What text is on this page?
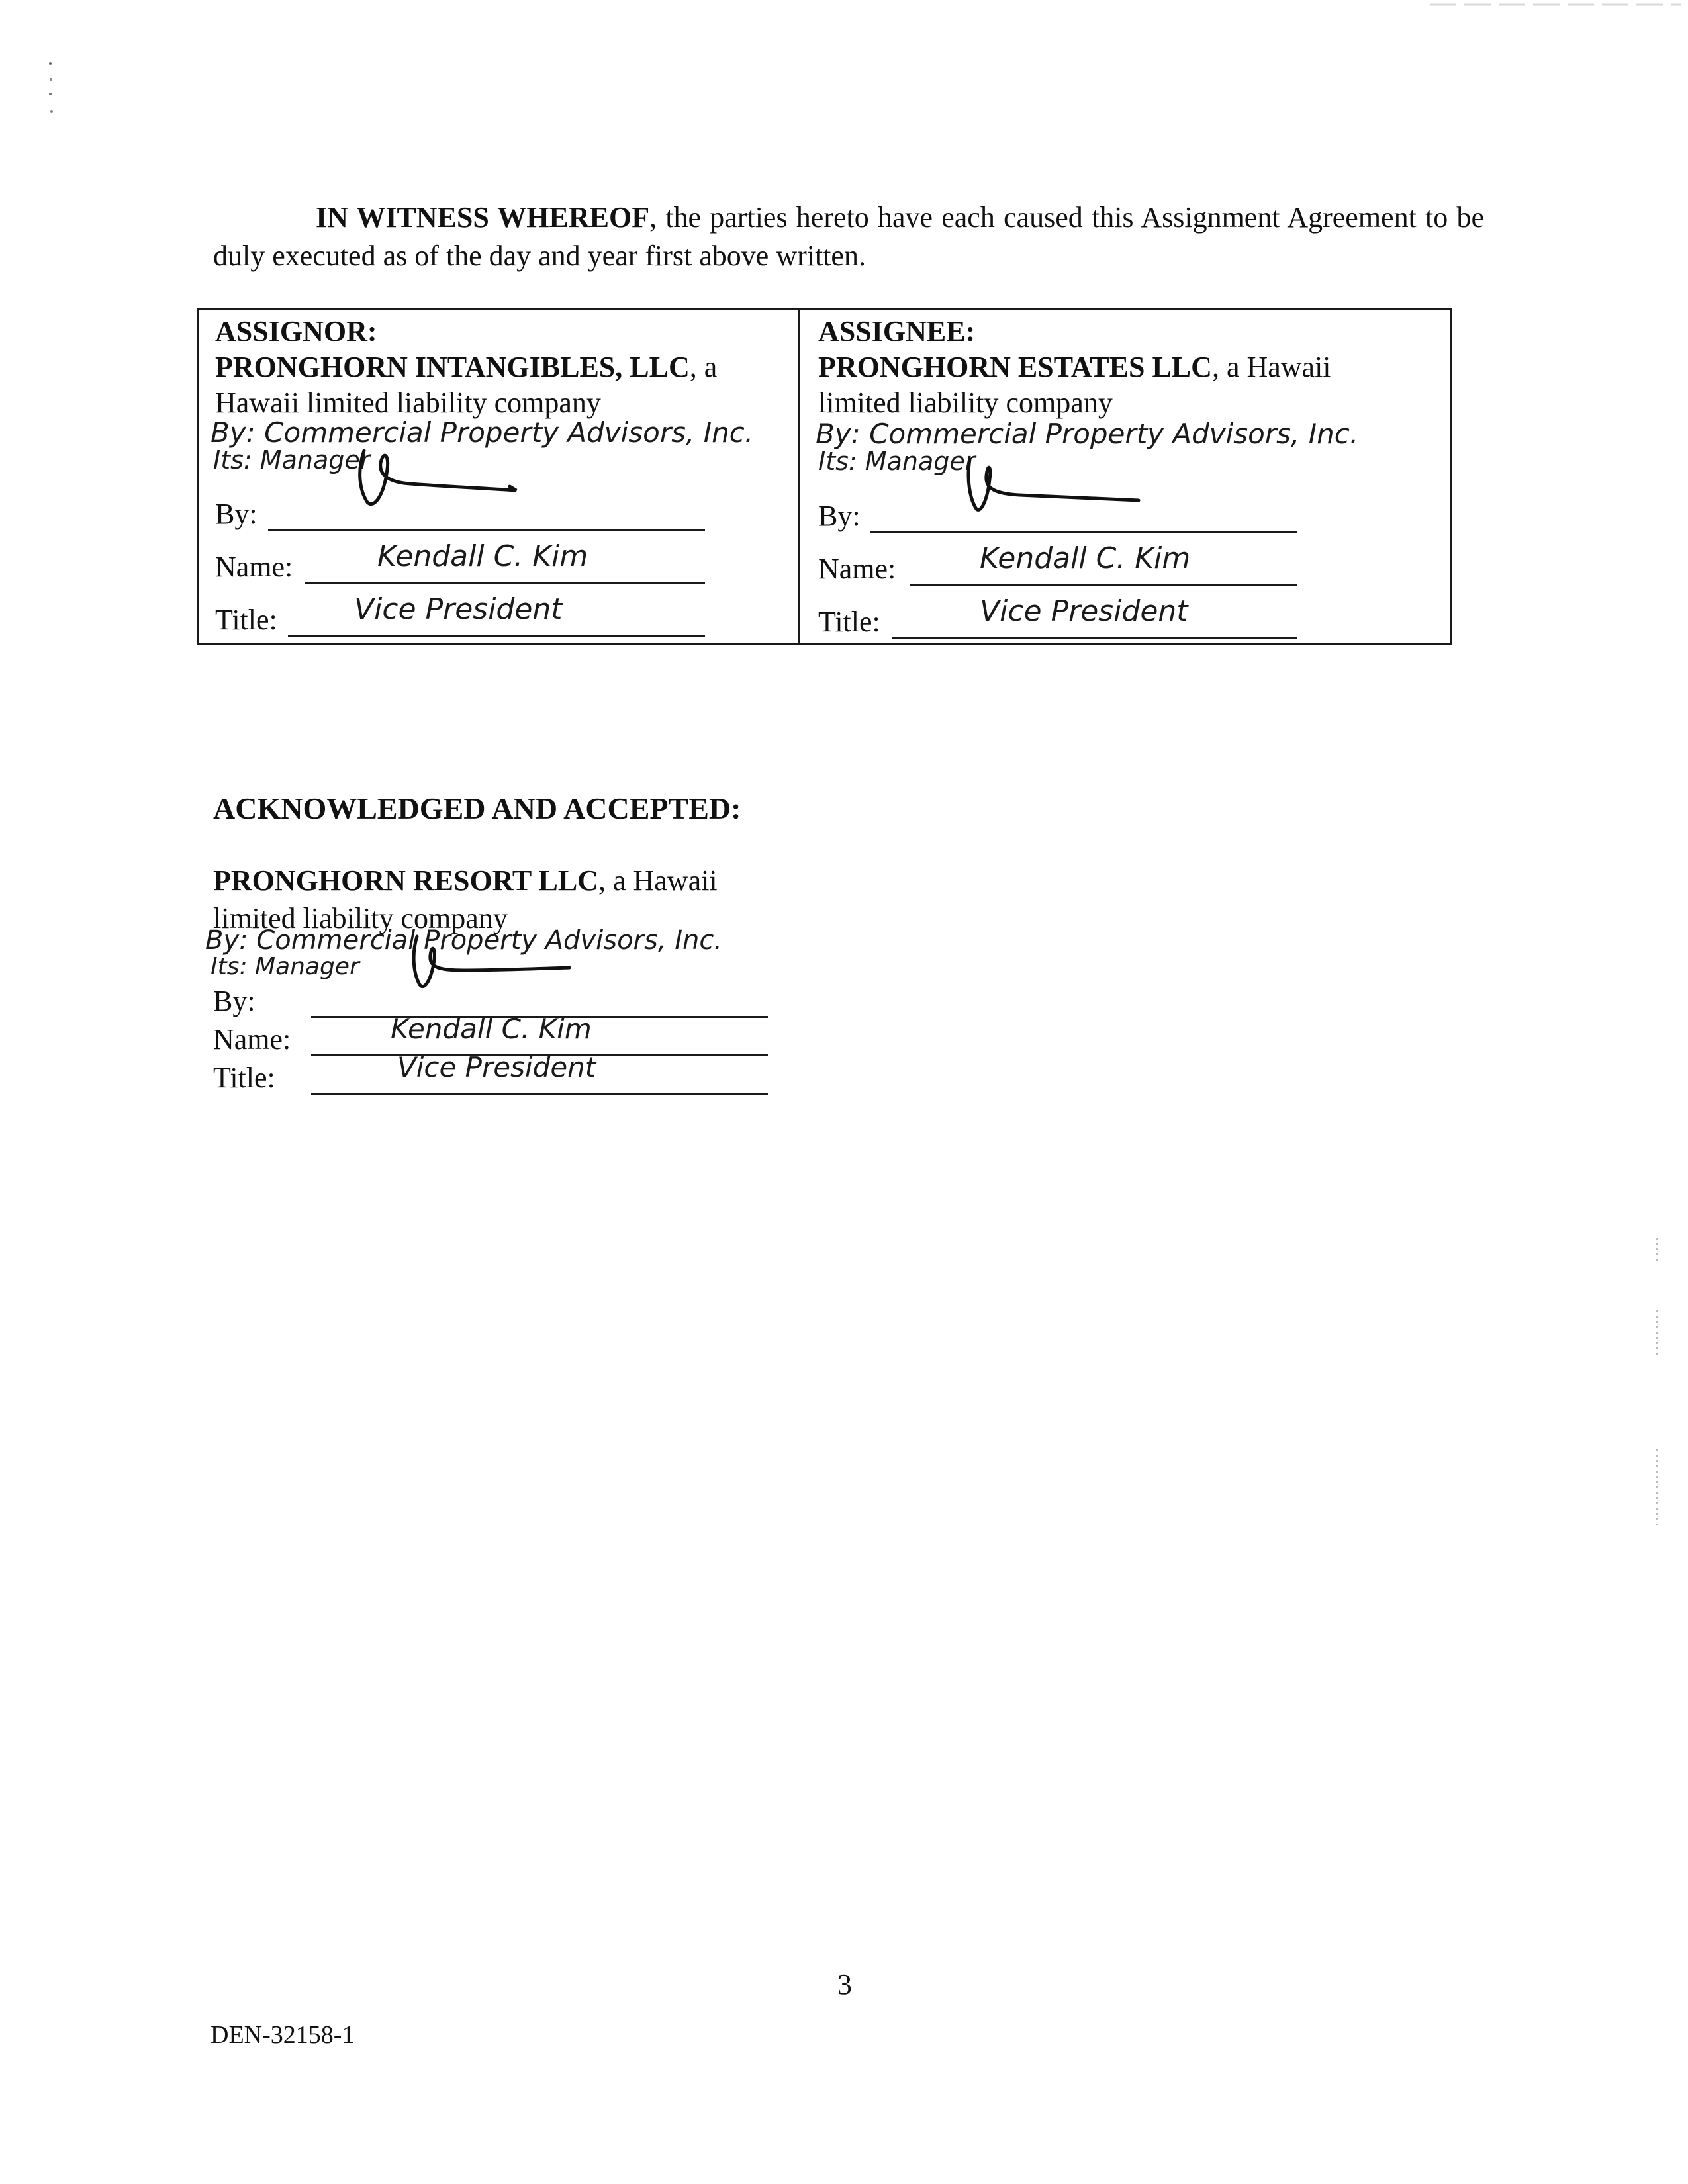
IN WITNESS WHEREOF, the parties hereto have each caused this Assignment Agreement to be duly executed as of the day and year first above written.
ASSIGNOR:
PRONGHORN INTANGIBLES, LLC, a
Hawaii limited liability company
By: Commercial Property Advisors, Inc.
Its: Manager
By:
Name:	Kendall C. Kim
Title:	Vice President
ASSIGNEE:
PRONGHORN ESTATES LLC, a Hawaii
limited liability company
By: Commercial Property Advisors, Inc.
Its: Manager
By:
Name:	Kendall C. Kim
Title:	Vice President
ACKNOWLEDGED AND ACCEPTED:
PRONGHORN RESORT LLC, a Hawaii
limited liability company
By: Commercial Property Advisors, Inc.
Its: Manager
By:
Name:	Kendall C. Kim
Title:	Vice President
3
DEN-32158-1
